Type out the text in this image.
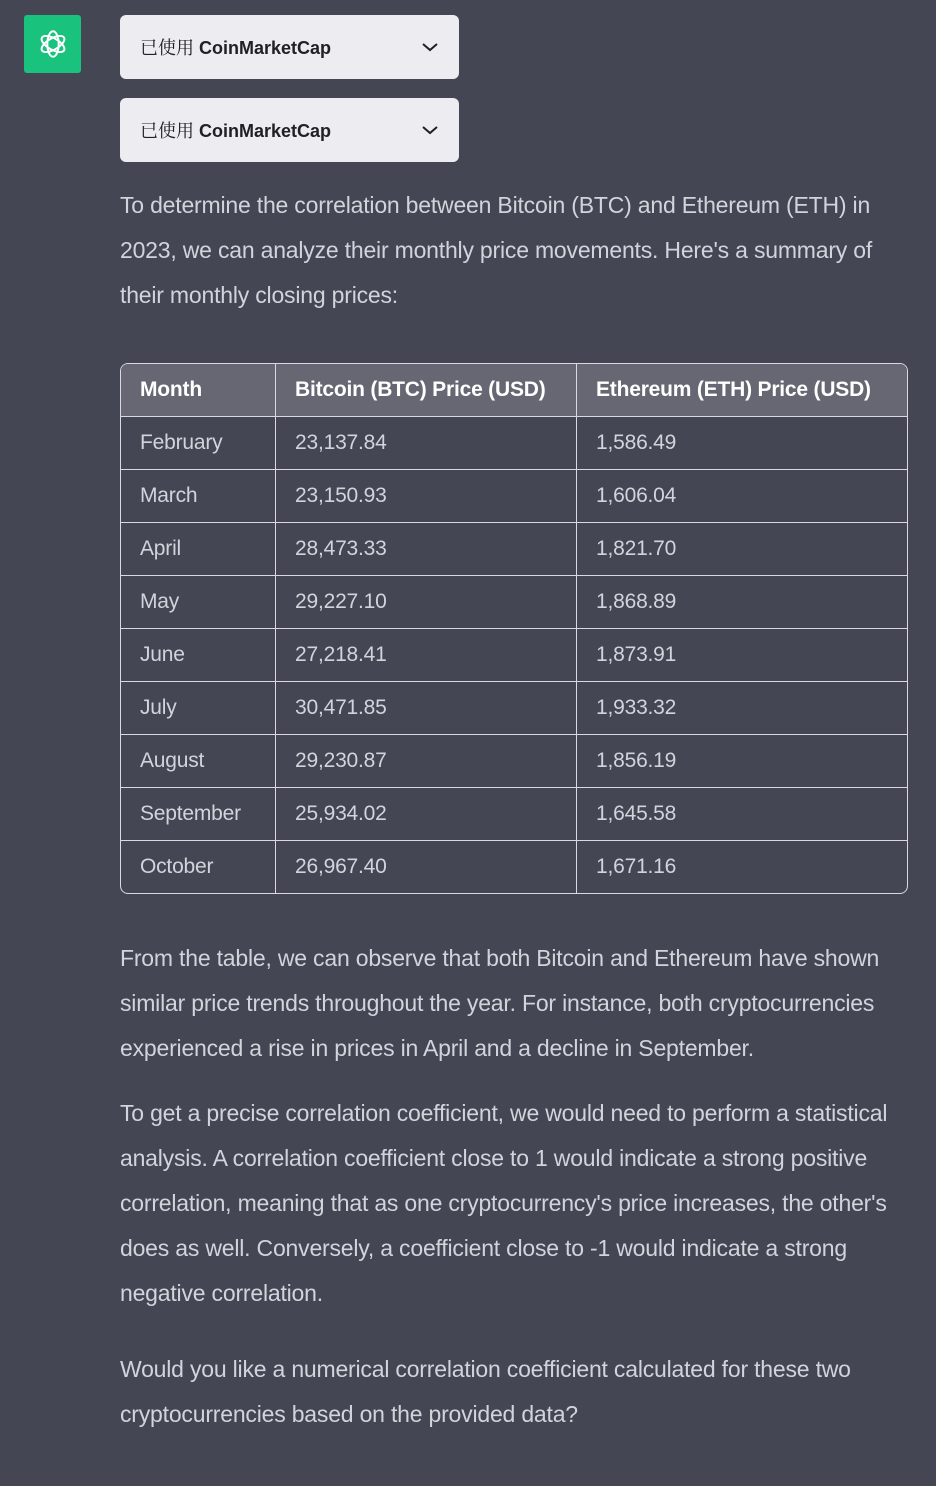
已使用 CoinMarketCap
已使用 CoinMarketCap

To determine the correlation between Bitcoin (BTC) and Ethereum (ETH) in 2023, we can analyze their monthly price movements. Here's a summary of their monthly closing prices:

Month	Bitcoin (BTC) Price (USD)	Ethereum (ETH) Price (USD)
February	23,137.84	1,586.49
March	23,150.93	1,606.04
April	28,473.33	1,821.70
May	29,227.10	1,868.89
June	27,218.41	1,873.91
July	30,471.85	1,933.32
August	29,230.87	1,856.19
September	25,934.02	1,645.58
October	26,967.40	1,671.16

From the table, we can observe that both Bitcoin and Ethereum have shown similar price trends throughout the year. For instance, both cryptocurrencies experienced a rise in prices in April and a decline in September.

To get a precise correlation coefficient, we would need to perform a statistical analysis. A correlation coefficient close to 1 would indicate a strong positive correlation, meaning that as one cryptocurrency's price increases, the other's does as well. Conversely, a coefficient close to -1 would indicate a strong negative correlation.

Would you like a numerical correlation coefficient calculated for these two cryptocurrencies based on the provided data?
